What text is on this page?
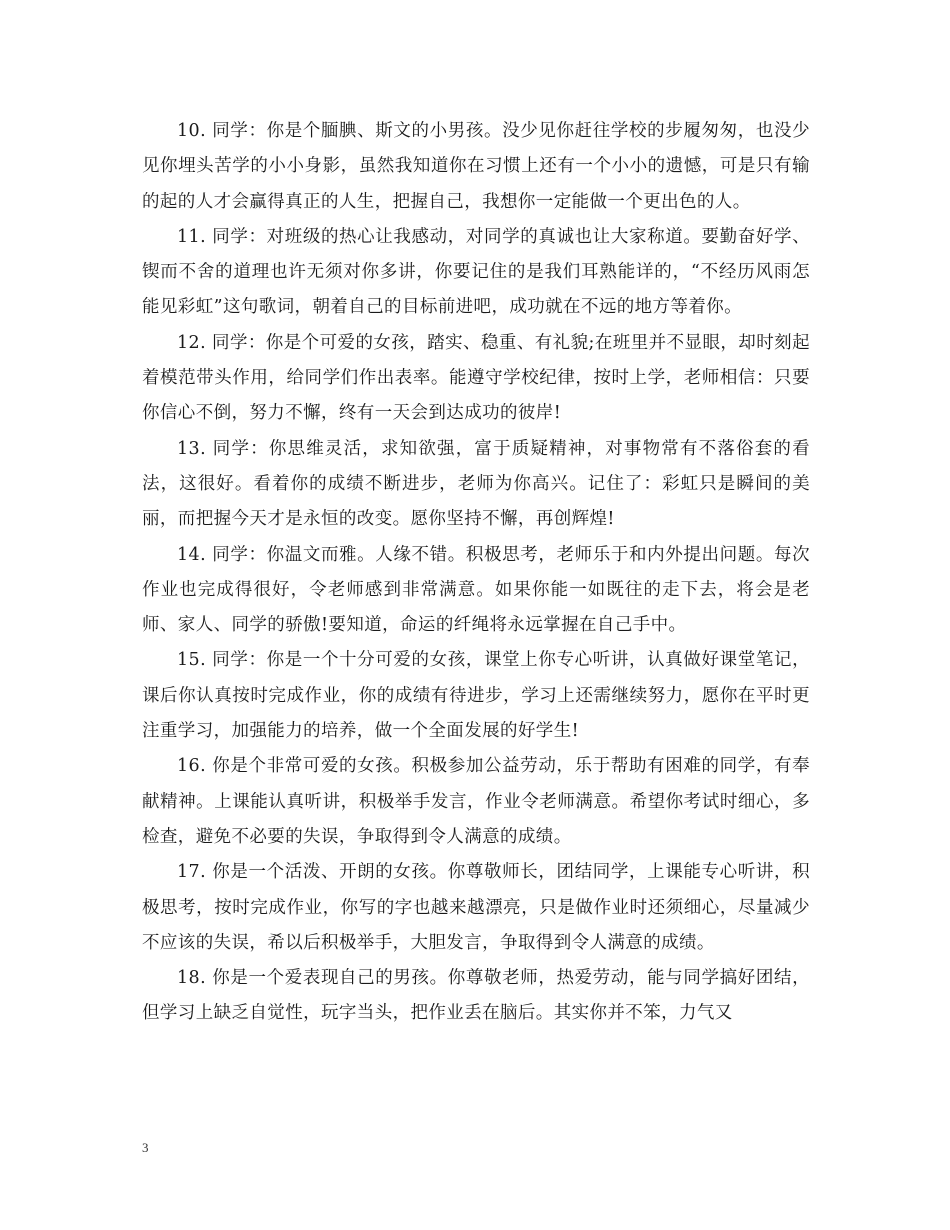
10. 同学：你是个腼腆、斯文的小男孩。没少见你赶往学校的步履匆匆，也没少见你埋头苦学的小小身影，虽然我知道你在习惯上还有一个小小的遗憾，可是只有输的起的人才会赢得真正的人生，把握自己，我想你一定能做一个更出色的人。

11. 同学：对班级的热心让我感动，对同学的真诚也让大家称道。要勤奋好学、锲而不舍的道理也许无须对你多讲，你要记住的是我们耳熟能详的，“不经历风雨怎能见彩虹”这句歌词，朝着自己的目标前进吧，成功就在不远的地方等着你。

12. 同学：你是个可爱的女孩，踏实、稳重、有礼貌;在班里并不显眼，却时刻起着模范带头作用，给同学们作出表率。能遵守学校纪律，按时上学，老师相信：只要你信心不倒，努力不懈，终有一天会到达成功的彼岸!

13. 同学：你思维灵活，求知欲强，富于质疑精神，对事物常有不落俗套的看法，这很好。看着你的成绩不断进步，老师为你高兴。记住了：彩虹只是瞬间的美丽，而把握今天才是永恒的改变。愿你坚持不懈，再创辉煌!

14. 同学：你温文而雅。人缘不错。积极思考，老师乐于和内外提出问题。每次作业也完成得很好，令老师感到非常满意。如果你能一如既往的走下去，将会是老师、家人、同学的骄傲!要知道，命运的纤绳将永远掌握在自己手中。

15. 同学：你是一个十分可爱的女孩，课堂上你专心听讲，认真做好课堂笔记，课后你认真按时完成作业，你的成绩有待进步，学习上还需继续努力，愿你在平时更注重学习，加强能力的培养，做一个全面发展的好学生!

16. 你是个非常可爱的女孩。积极参加公益劳动，乐于帮助有困难的同学，有奉献精神。上课能认真听讲，积极举手发言，作业令老师满意。希望你考试时细心，多检查，避免不必要的失误，争取得到令人满意的成绩。

17. 你是一个活泼、开朗的女孩。你尊敬师长，团结同学，上课能专心听讲，积极思考，按时完成作业，你写的字也越来越漂亮，只是做作业时还须细心，尽量减少不应该的失误，希以后积极举手，大胆发言，争取得到令人满意的成绩。

18. 你是一个爱表现自己的男孩。你尊敬老师，热爱劳动，能与同学搞好团结，但学习上缺乏自觉性，玩字当头，把作业丢在脑后。其实你并不笨，力气又

3
